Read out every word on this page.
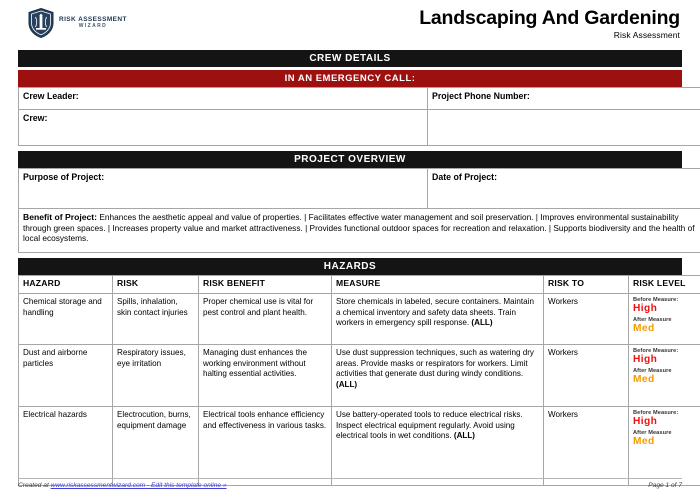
RISK ASSESSMENT
WIZARD	Landscaping And Gardening
Risk Assessment
CREW DETAILS
IN AN EMERGENCY CALL:
Crew Leader:	Project Phone Number:
Crew:	
PROJECT OVERVIEW
Purpose of Project:	Date of Project:
Benefit of Project: Enhances the aesthetic appeal and value of properties. | Facilitates effective water management and soil preservation. | Improves environmental sustainability through green spaces. | Increases property value and market attractiveness. | Provides functional outdoor spaces for recreation and relaxation. | Supports biodiversity and the health of local ecosystems.
HAZARDS
HAZARD	RISK	RISK BENEFIT	MEASURE	RISK TO	RISK LEVEL
Chemical storage and handling	Spills, inhalation, skin contact injuries	Proper chemical use is vital for pest control and plant health.	Store chemicals in labeled, secure containers. Maintain a chemical inventory and safety data sheets. Train workers in emergency spill response. (ALL)	Workers	Before Measure:
High
After Measure
Med

Dust and airborne particles	Respiratory issues, eye irritation	Managing dust enhances the working environment without halting essential activities.	Use dust suppression techniques, such as watering dry areas. Provide masks or respirators for workers. Limit activities that generate dust during windy conditions. (ALL)	Workers	Before Measure:
High
After Measure
Med

Electrical hazards	Electrocution, burns, equipment damage	Electrical tools enhance efficiency and effectiveness in various tasks.	Use battery-operated tools to reduce electrical risks. Inspect electrical equipment regularly. Avoid using electrical tools in wet conditions. (ALL)	Workers	Before Measure:
High
After Measure
Med
Created at www.riskassessmentwizard.com - Edit this template online »	Page 1 of 7
